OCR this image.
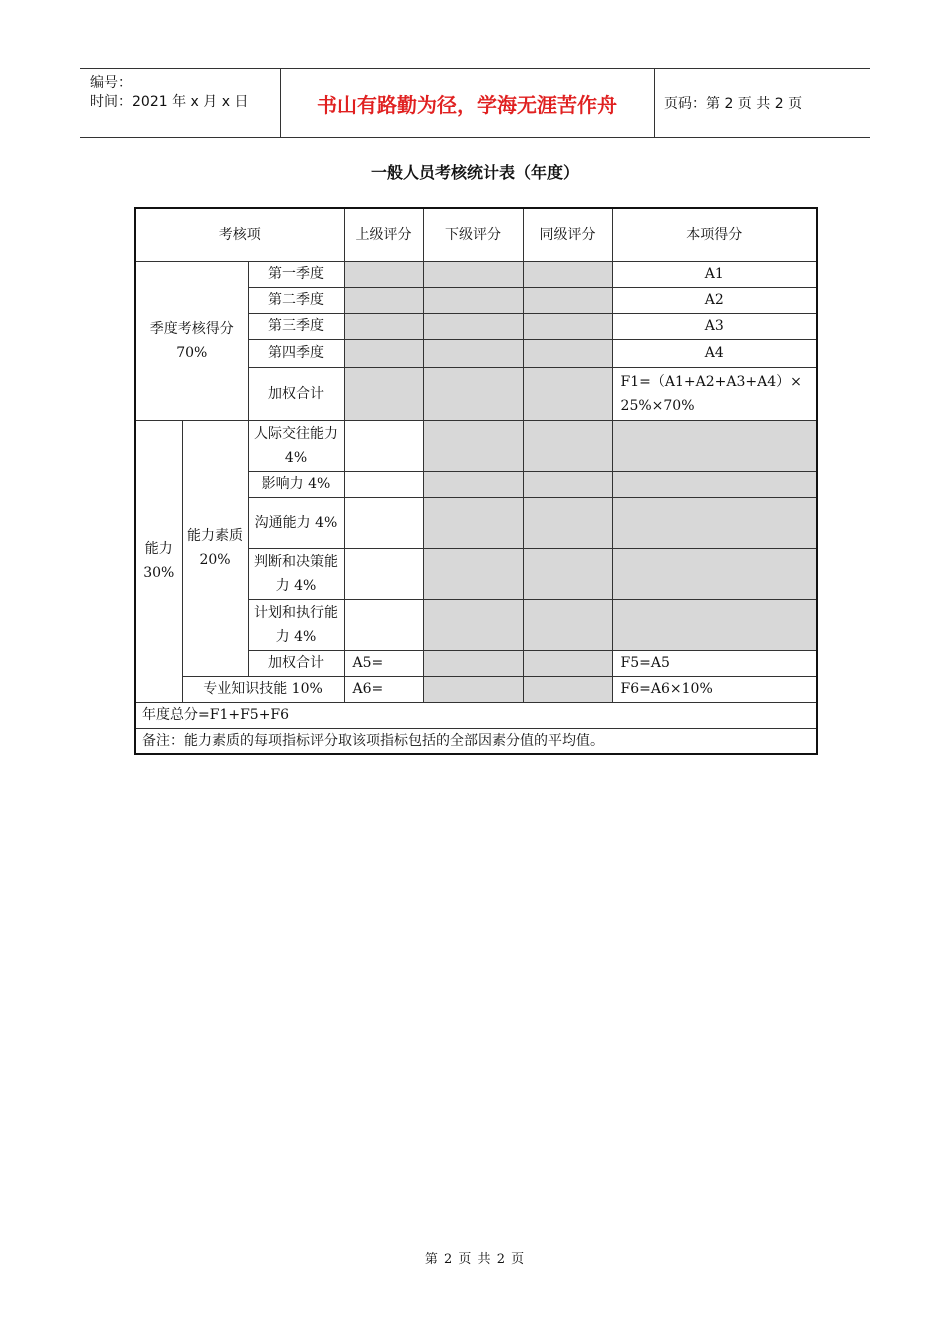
编号：
时间：2021 年 x 月 x 日	书山有路勤为径，学海无涯苦作舟	页码：第 2 页 共 2 页
一般人员考核统计表（年度）
考核项			上级评分	下级评分	同级评分	本项得分
季度考核得分 70%		第一季度				A1
		第二季度				A2
		第三季度				A3
		第四季度				A4
		加权合计				F1=（A1+A2+A3+A4）× 25%×70%
能力30%	能力素质20%	人际交往能力 4%				
		影响力 4%				
		沟通能力 4%				
		判断和决策能力 4%				
		计划和执行能力 4%				
		加权合计	A5=			F5=A5
	专业知识技能 10%		A6=			F6=A6×10%
年度总分=F1+F5+F6						
备注：能力素质的每项指标评分取该项指标包括的全部因素分值的平均值。						
第 2 页 共 2 页
